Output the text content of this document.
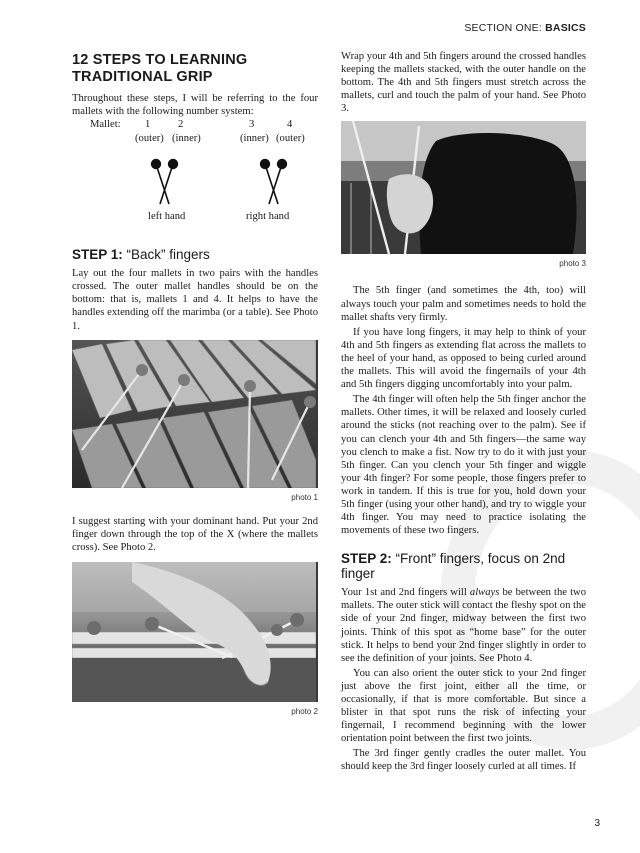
SECTION ONE: BASICS
12 STEPS TO LEARNING
TRADITIONAL GRIP

Throughout these steps, I will be referring to the four mallets with the following number system:

Mallet: 1	2	3	4
(outer) (inner)	(inner) (outer)
left hand	right hand
STEP 1: “Back” fingers

Lay out the four mallets in two pairs with the handles crossed. The outer mallet handles should be on the bottom: that is, mallets 1 and 4. It helps to have the handles extending off the marimba (or a table). See Photo 1.

photo 1

I suggest starting with your dominant hand. Put your 2nd finger down through the top of the X (where the mallets cross). See Photo 2.

photo 2

Wrap your 4th and 5th fingers around the crossed handles keeping the mallets stacked, with the outer handle on the bottom. The 4th and 5th fingers must stretch across the mallets, curl and touch the palm of your hand. See Photo 3.

photo 3

The 5th finger (and sometimes the 4th, too) will always touch your palm and sometimes needs to hold the mallet shafts very firmly.

If you have long fingers, it may help to think of your 4th and 5th fingers as extending flat across the mallets to the heel of your hand, as opposed to being curled around the mallets. This will avoid the fingernails of your 4th and 5th fingers digging uncomfortably into your palm.

The 4th finger will often help the 5th finger anchor the mallets. Other times, it will be relaxed and loosely curled around the sticks (not reaching over to the palm). See if you can clench your 4th and 5th fingers—the same way you clench to make a fist. Now try to do it with just your 5th finger. Can you clench your 5th finger and wiggle your 4th finger? For some people, those fingers prefer to work in tandem. If this is true for you, hold down your 5th finger (using your other hand), and try to wiggle your 4th finger. You may need to practice isolating the movements of these two fingers.

STEP 2: “Front” fingers, focus on 2nd finger

Your 1st and 2nd fingers will always be between the two mallets. The outer stick will contact the fleshy spot on the side of your 2nd finger, midway between the first two joints. Think of this spot as “home base” for the outer stick. It helps to bend your 2nd finger slightly in order to see the definition of your joints. See Photo 4.

You can also orient the outer stick to your 2nd finger just above the first joint, either all the time, or occasionally, if that is more comfortable. But since a blister in that spot runs the risk of infecting your fingernail, I recommend beginning with the lower orientation point between the first two joints.

The 3rd finger gently cradles the outer mallet. You should keep the 3rd finger loosely curled at all times. If

3
